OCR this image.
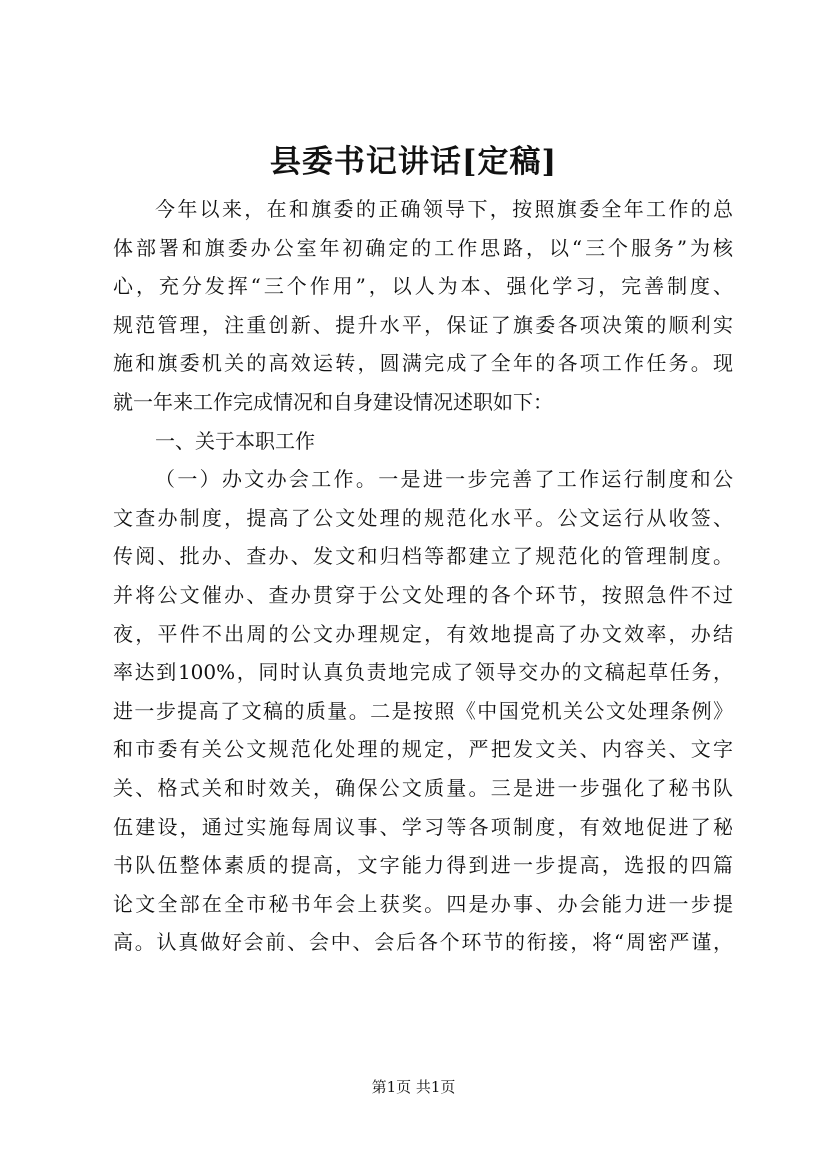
县委书记讲话[定稿]
今年以来，在和旗委的正确领导下，按照旗委全年工作的总
体部署和旗委办公室年初确定的工作思路，以“三个服务”为核
心，充分发挥“三个作用”，以人为本、强化学习，完善制度、
规范管理，注重创新、提升水平，保证了旗委各项决策的顺利实
施和旗委机关的高效运转，圆满完成了全年的各项工作任务。现
就一年来工作完成情况和自身建设情况述职如下：
一、关于本职工作
（一）办文办会工作。一是进一步完善了工作运行制度和公
文查办制度，提高了公文处理的规范化水平。公文运行从收签、
传阅、批办、查办、发文和归档等都建立了规范化的管理制度。
并将公文催办、查办贯穿于公文处理的各个环节，按照急件不过
夜，平件不出周的公文办理规定，有效地提高了办文效率，办结
率达到100%，同时认真负责地完成了领导交办的文稿起草任务，
进一步提高了文稿的质量。二是按照《中国党机关公文处理条例》
和市委有关公文规范化处理的规定，严把发文关、内容关、文字
关、格式关和时效关，确保公文质量。三是进一步强化了秘书队
伍建设，通过实施每周议事、学习等各项制度，有效地促进了秘
书队伍整体素质的提高，文字能力得到进一步提高，选报的四篇
论文全部在全市秘书年会上获奖。四是办事、办会能力进一步提
高。认真做好会前、会中、会后各个环节的衔接，将“周密严谨，
第1页 共1页
